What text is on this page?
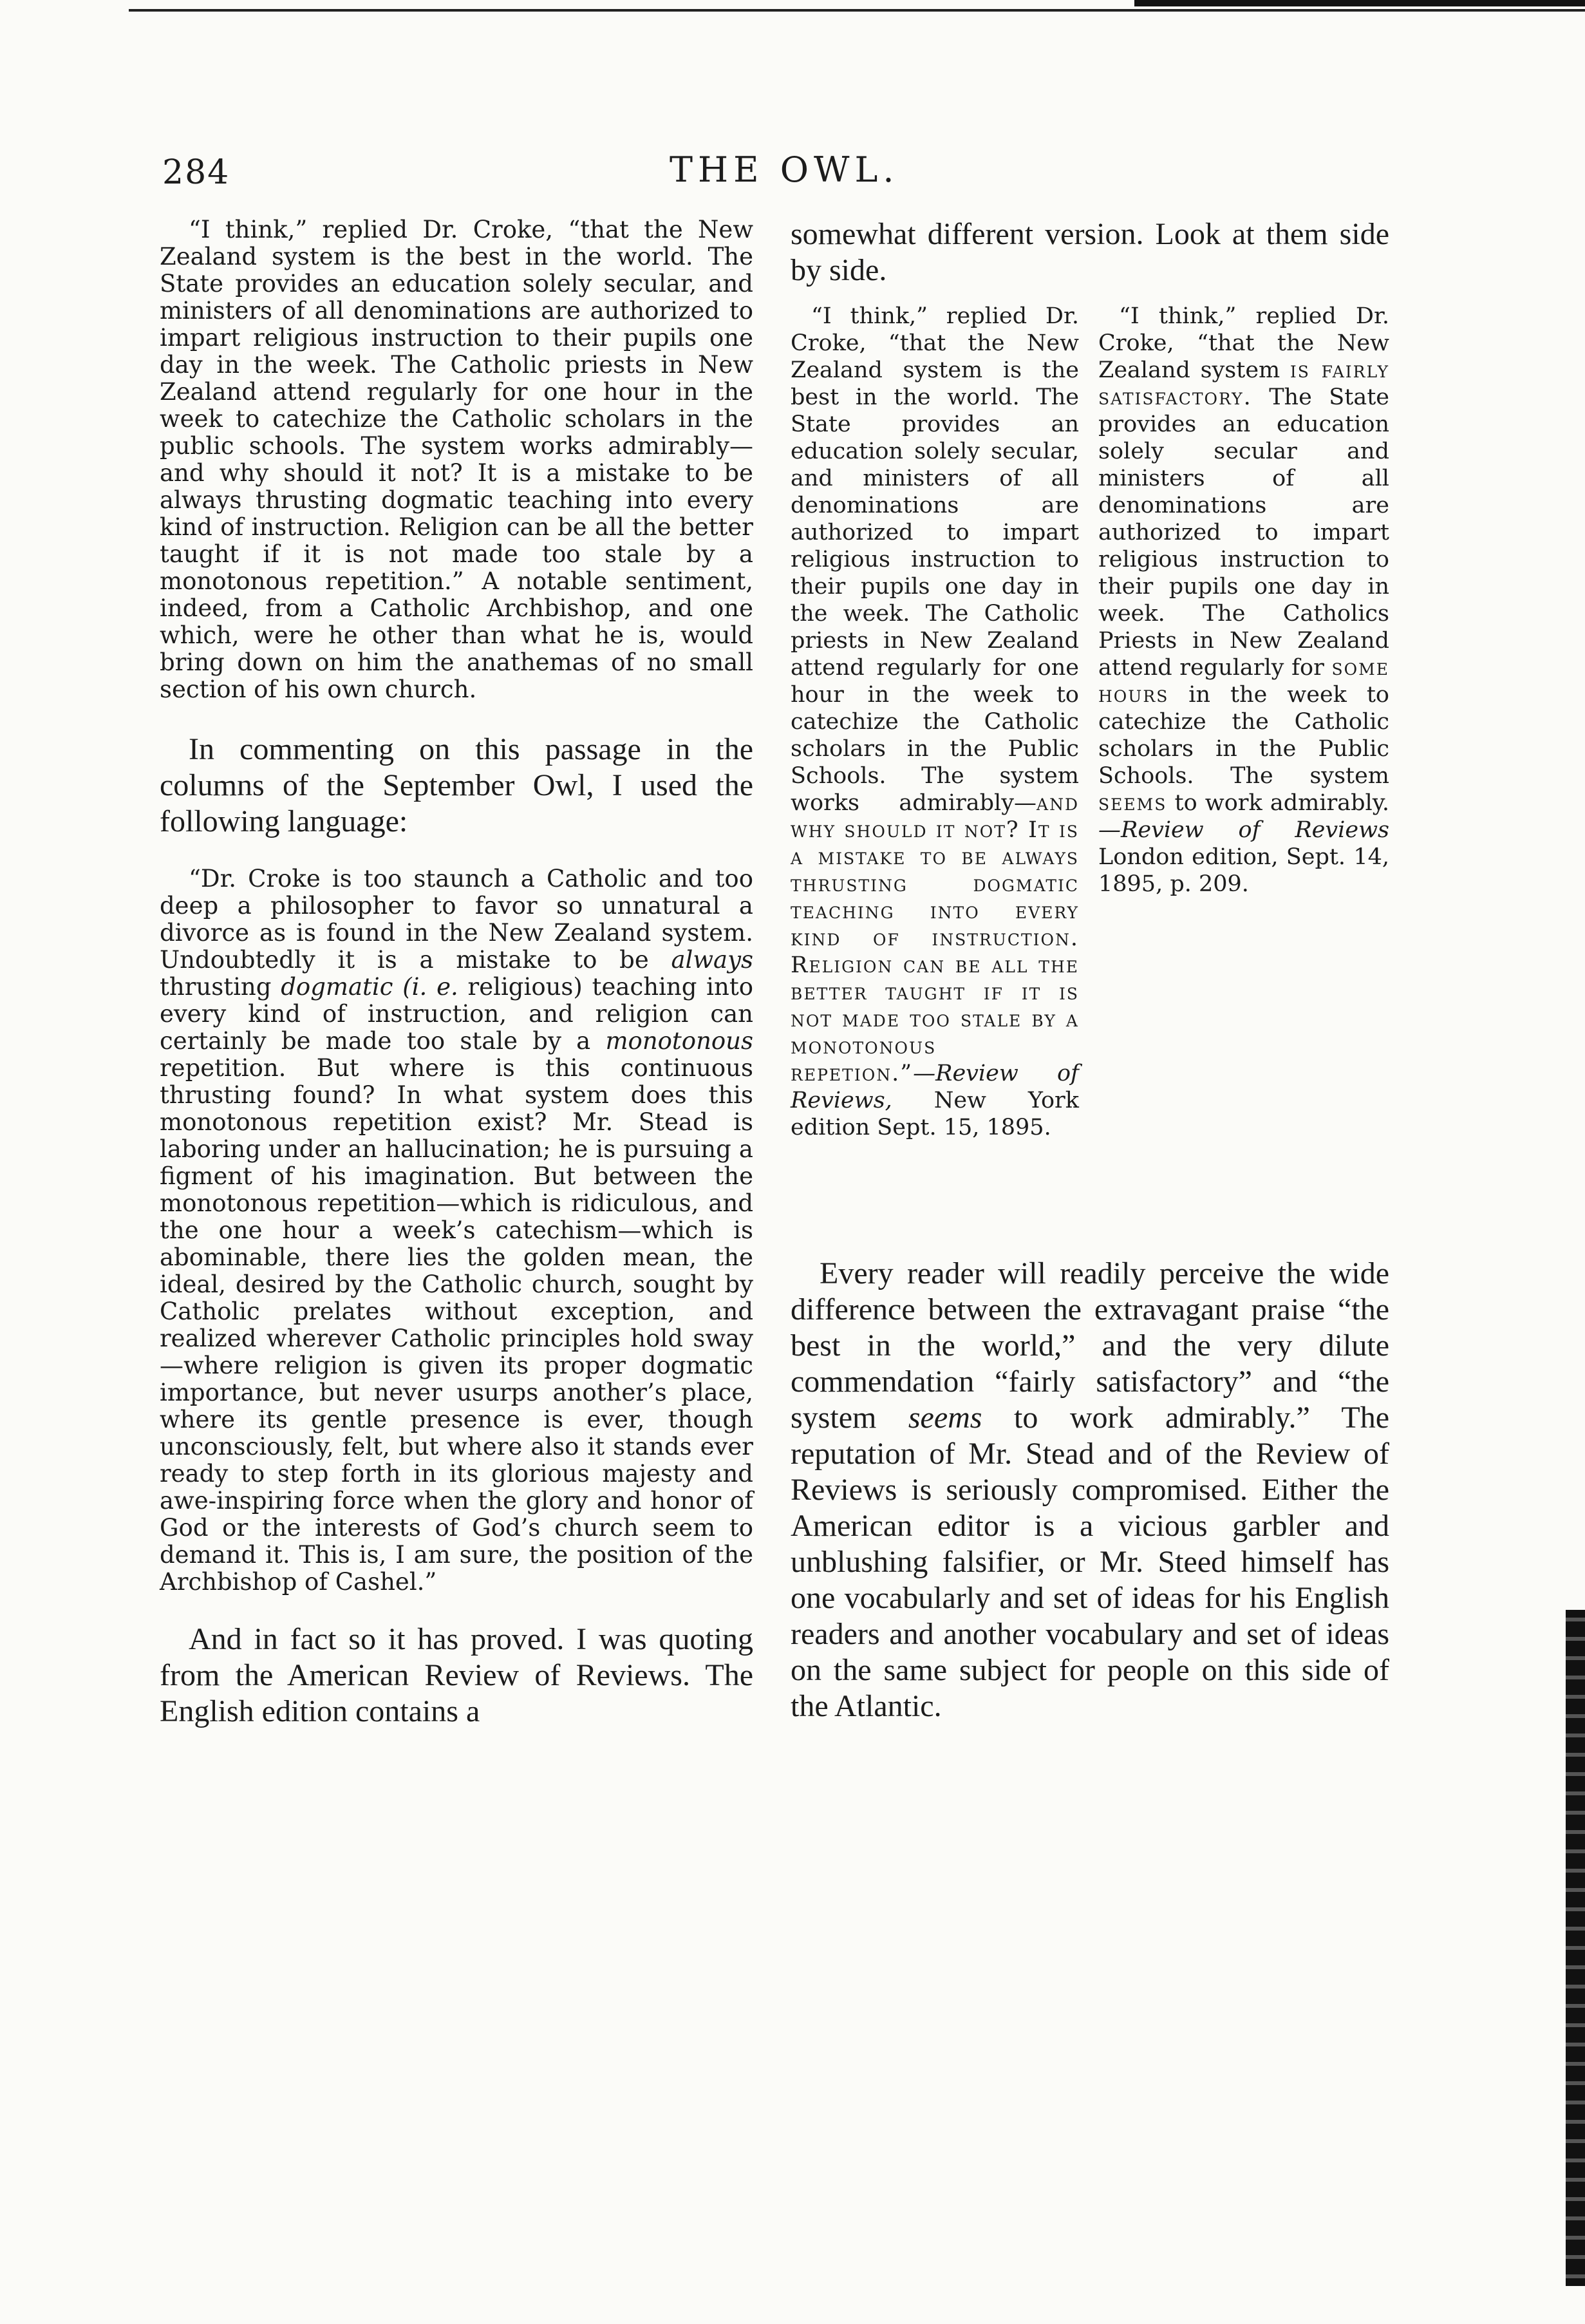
284	THE OWL.

“I think,” replied Dr. Croke, “that the New Zealand system is the best in the world. The State provides an education solely secular, and ministers of all denominations are authorized to impart religious instruction to their pupils one day in the week. The Catholic priests in New Zealand attend regularly for one hour in the week to catechize the Catholic scholars in the public schools. The system works admirably—and why should it not? It is a mistake to be always thrusting dogmatic teaching into every kind of instruction. Religion can be all the better taught if it is not made too stale by a monotonous repetition.” A notable sentiment, indeed, from a Catholic Archbishop, and one which, were he other than what he is, would bring down on him the anathemas of no small section of his own church.

In commenting on this passage in the columns of the September Owl, I used the following language:

“Dr. Croke is too staunch a Catholic and too deep a philosopher to favor so unnatural a divorce as is found in the New Zealand system. Undoubtedly it is a mistake to be always thrusting dogmatic (i. e. religious) teaching into every kind of instruction, and religion can certainly be made too stale by a monotonous repetition. But where is this continuous thrusting found? In what system does this monotonous repetition exist? Mr. Stead is laboring under an hallucination; he is pursuing a figment of his imagination. But between the monotonous repetition—which is ridiculous, and the one hour a week’s catechism—which is abominable, there lies the golden mean, the ideal, desired by the Catholic church, sought by Catholic prelates without exception, and realized wherever Catholic principles hold sway—where religion is given its proper dogmatic importance, but never usurps another’s place, where its gentle presence is ever, though unconsciously, felt, but where also it stands ever ready to step forth in its glorious majesty and awe-inspiring force when the glory and honor of God or the interests of God’s church seem to demand it. This is, I am sure, the position of the Archbishop of Cashel.”

And in fact so it has proved. I was quoting from the American Review of Reviews. The English edition contains a

somewhat different version. Look at them side by side.

“I think,” replied Dr. Croke, “that the New Zealand system is the best in the world. The State provides an education solely secular, and ministers of all denominations are authorized to impart religious instruction to their pupils one day in the week. The Catholic priests in New Zealand attend regularly for one hour in the week to catechize the Catholic scholars in the Public Schools. The system works admirably—and why should it not? It is a mistake to be always thrusting dogmatic teaching into every kind of instruction. Religion can be all the better taught if it is not made too stale by a monotonous repetion.”—Review of Reviews, New York edition Sept. 15, 1895.

“I think,” replied Dr. Croke, “that the New Zealand system is fairly satisfactory. The State provides an education solely secular and ministers of all denominations are authorized to impart religious instruction to their pupils one day in week. The Catholics Priests in New Zealand attend regularly for some hours in the week to catechize the Catholic scholars in the Public Schools. The system seems to work admirably.—Review of Reviews London edition, Sept. 14, 1895, p. 209.

Every reader will readily perceive the wide difference between the extravagant praise “the best in the world,” and the very dilute commendation “fairly satisfactory” and “the system seems to work admirably.” The reputation of Mr. Stead and of the Review of Reviews is seriously compromised. Either the American editor is a vicious garbler and unblushing falsifier, or Mr. Steed himself has one vocabularly and set of ideas for his English readers and another vocabulary and set of ideas on the same subject for people on this side of the Atlantic.
